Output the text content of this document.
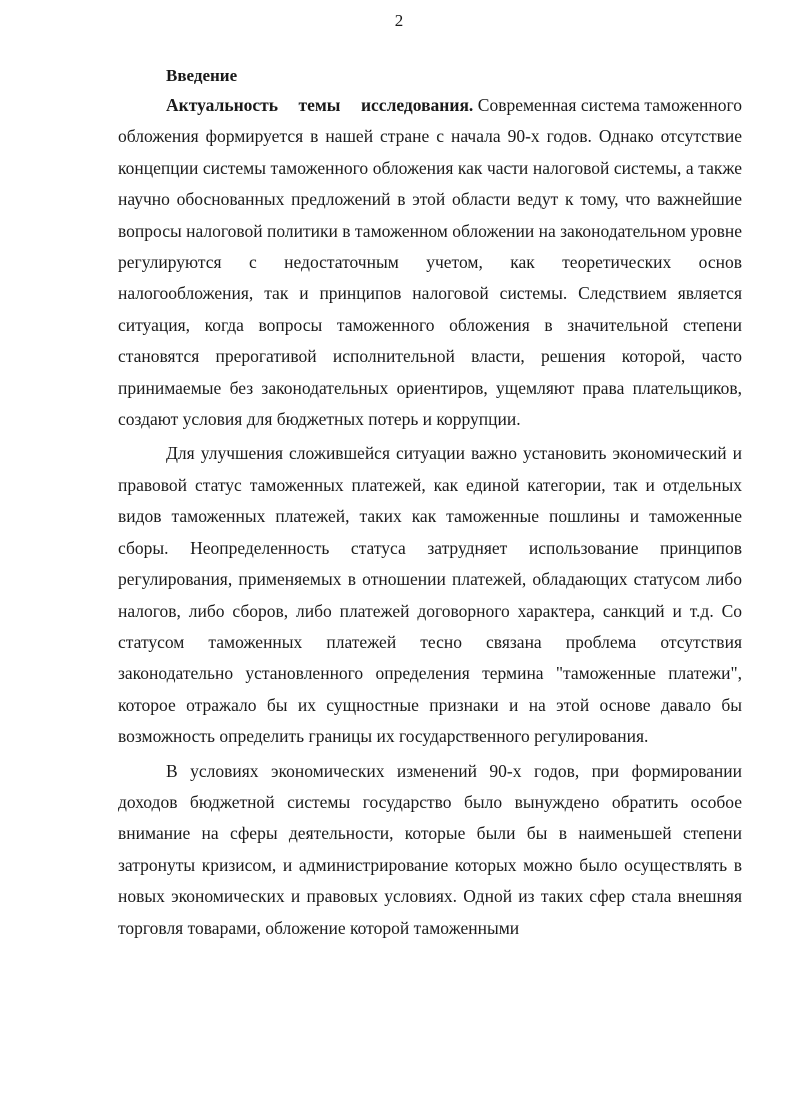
2
Введение

Актуальность темы исследования. Современная система таможенного обложения формируется в нашей стране с начала 90-х годов. Однако отсутствие концепции системы таможенного обложения как части налоговой системы, а также научно обоснованных предложений в этой области ведут к тому, что важнейшие вопросы налоговой политики в таможенном обложении на законодательном уровне регулируются с недостаточным учетом, как теоретических основ налогообложения, так и принципов налоговой системы. Следствием является ситуация, когда вопросы таможенного обложения в значительной степени становятся прерогативой исполнительной власти, решения которой, часто принимаемые без законодательных ориентиров, ущемляют права плательщиков, создают условия для бюджетных потерь и коррупции.

Для улучшения сложившейся ситуации важно установить экономический и правовой статус таможенных платежей, как единой категории, так и отдельных видов таможенных платежей, таких как таможенные пошлины и таможенные сборы. Неопределенность статуса затрудняет использование принципов регулирования, применяемых в отношении платежей, обладающих статусом либо налогов, либо сборов, либо платежей договорного характера, санкций и т.д. Со статусом таможенных платежей тесно связана проблема отсутствия законодательно установленного определения термина "таможенные платежи", которое отражало бы их сущностные признаки и на этой основе давало бы возможность определить границы их государственного регулирования.

В условиях экономических изменений 90-х годов, при формировании доходов бюджетной системы государство было вынуждено обратить особое внимание на сферы деятельности, которые были бы в наименьшей степени затронуты кризисом, и администрирование которых можно было осуществлять в новых экономических и правовых условиях. Одной из таких сфер стала внешняя торговля товарами, обложение которой таможенными
